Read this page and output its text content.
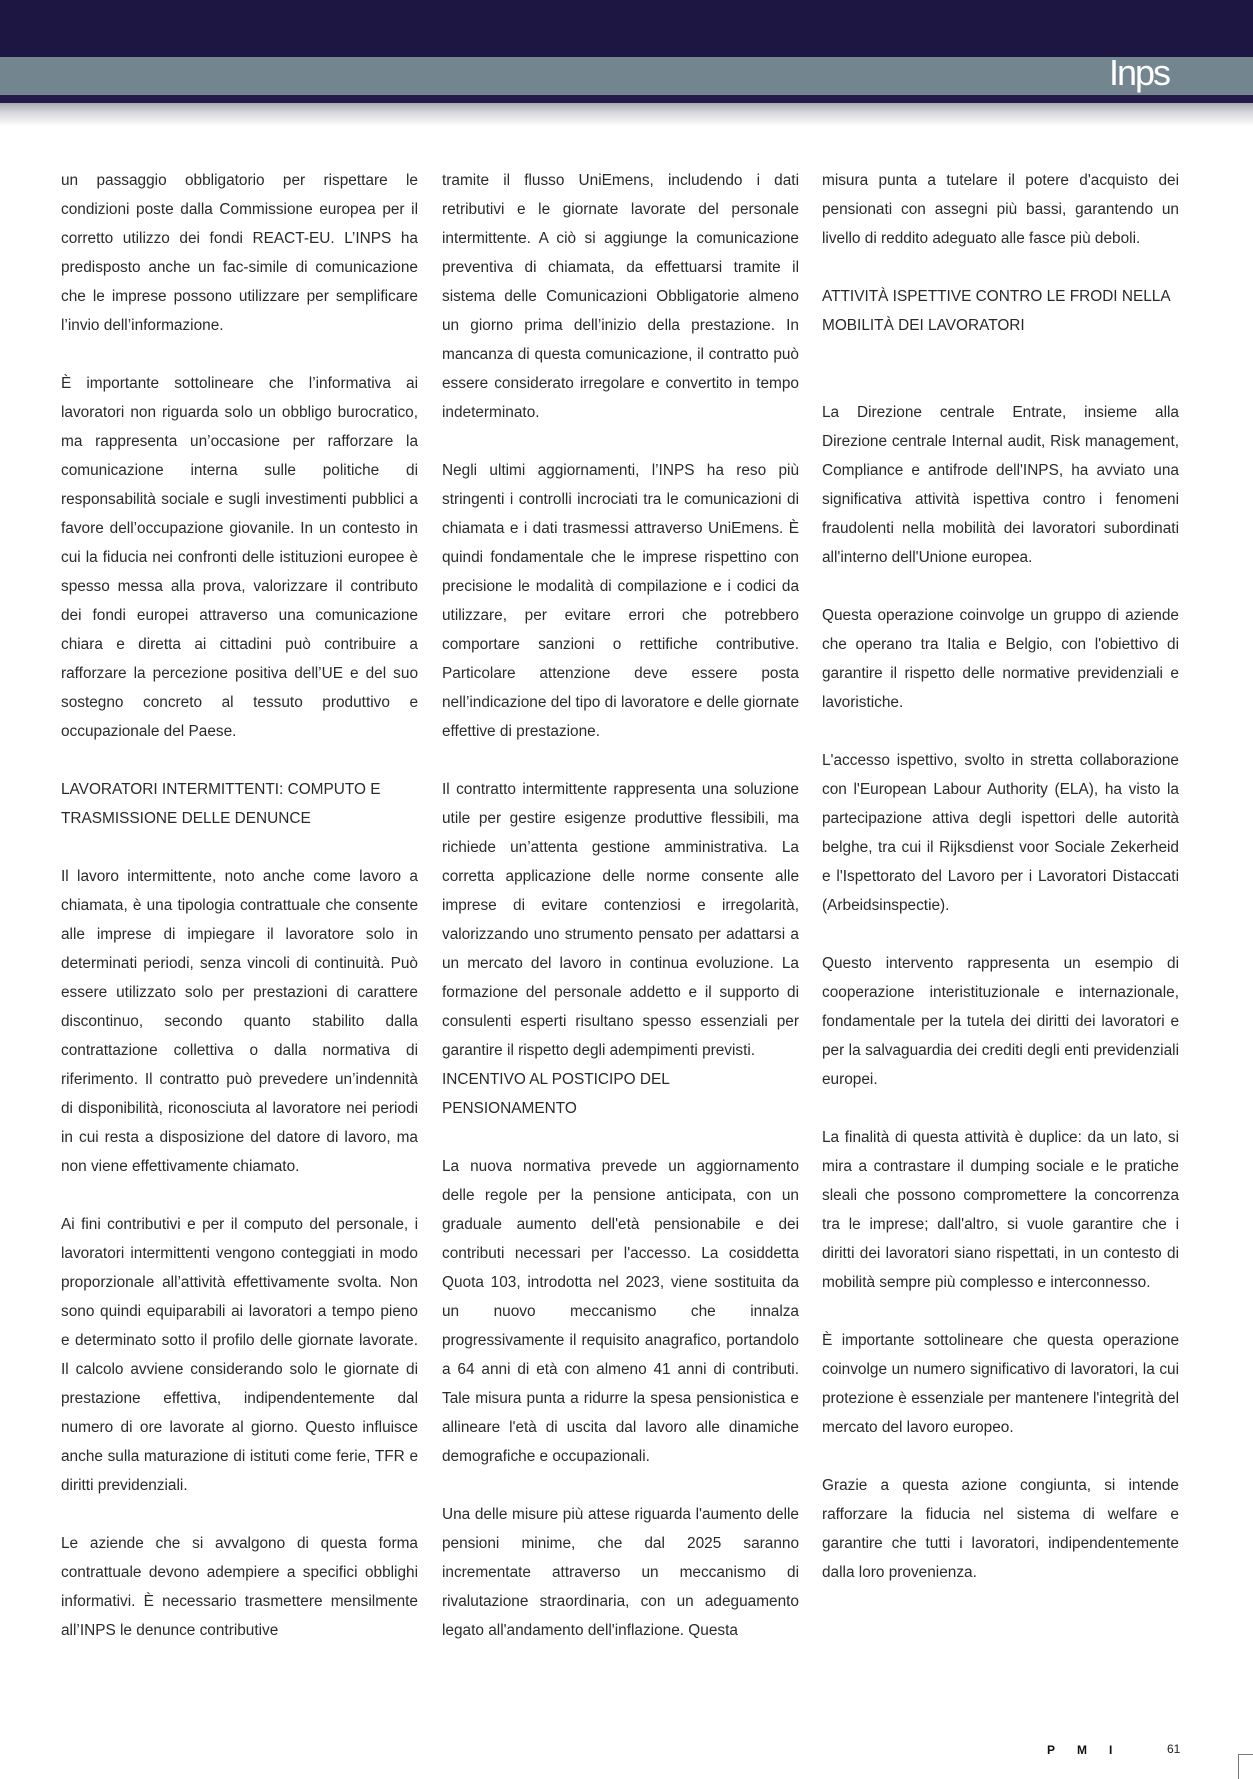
Inps

un passaggio obbligatorio per rispettare le condizioni poste dalla Commissione europea per il corretto utilizzo dei fondi REACT-EU. L’INPS ha predisposto anche un fac-simile di comunicazione che le imprese possono utilizzare per semplificare l’invio dell’informazione.

È importante sottolineare che l’informativa ai lavoratori non riguarda solo un obbligo burocratico, ma rappresenta un’occasione per rafforzare la comunicazione interna sulle politiche di responsabilità sociale e sugli investimenti pubblici a favore dell’occupazione giovanile. In un contesto in cui la fiducia nei confronti delle istituzioni europee è spesso messa alla prova, valorizzare il contributo dei fondi europei attraverso una comunicazione chiara e diretta ai cittadini può contribuire a rafforzare la percezione positiva dell’UE e del suo sostegno concreto al tessuto produttivo e occupazionale del Paese.

LAVORATORI INTERMITTENTI: COMPUTO E TRASMISSIONE DELLE DENUNCE

Il lavoro intermittente, noto anche come lavoro a chiamata, è una tipologia contrattuale che consente alle imprese di impiegare il lavoratore solo in determinati periodi, senza vincoli di continuità. Può essere utilizzato solo per prestazioni di carattere discontinuo, secondo quanto stabilito dalla contrattazione collettiva o dalla normativa di riferimento. Il contratto può prevedere un’indennità di disponibilità, riconosciuta al lavoratore nei periodi in cui resta a disposizione del datore di lavoro, ma non viene effettivamente chiamato.

Ai fini contributivi e per il computo del personale, i lavoratori intermittenti vengono conteggiati in modo proporzionale all’attività effettivamente svolta. Non sono quindi equiparabili ai lavoratori a tempo pieno e determinato sotto il profilo delle giornate lavorate. Il calcolo avviene considerando solo le giornate di prestazione effettiva, indipendentemente dal numero di ore lavorate al giorno. Questo influisce anche sulla maturazione di istituti come ferie, TFR e diritti previdenziali.

Le aziende che si avvalgono di questa forma contrattuale devono adempiere a specifici obblighi informativi. È necessario trasmettere mensilmente all’INPS le denunce contributive

tramite il flusso UniEmens, includendo i dati retributivi e le giornate lavorate del personale intermittente. A ciò si aggiunge la comunicazione preventiva di chiamata, da effettuarsi tramite il sistema delle Comunicazioni Obbligatorie almeno un giorno prima dell’inizio della prestazione. In mancanza di questa comunicazione, il contratto può essere considerato irregolare e convertito in tempo indeterminato.

Negli ultimi aggiornamenti, l’INPS ha reso più stringenti i controlli incrociati tra le comunicazioni di chiamata e i dati trasmessi attraverso UniEmens. È quindi fondamentale che le imprese rispettino con precisione le modalità di compilazione e i codici da utilizzare, per evitare errori che potrebbero comportare sanzioni o rettifiche contributive. Particolare attenzione deve essere posta nell’indicazione del tipo di lavoratore e delle giornate effettive di prestazione.

Il contratto intermittente rappresenta una soluzione utile per gestire esigenze produttive flessibili, ma richiede un’attenta gestione amministrativa. La corretta applicazione delle norme consente alle imprese di evitare contenziosi e irregolarità, valorizzando uno strumento pensato per adattarsi a un mercato del lavoro in continua evoluzione. La formazione del personale addetto e il supporto di consulenti esperti risultano spesso essenziali per garantire il rispetto degli adempimenti previsti.

INCENTIVO AL POSTICIPO DEL PENSIONAMENTO

La nuova normativa prevede un aggiornamento delle regole per la pensione anticipata, con un graduale aumento dell'età pensionabile e dei contributi necessari per l'accesso. La cosiddetta Quota 103, introdotta nel 2023, viene sostituita da un nuovo meccanismo che innalza progressivamente il requisito anagrafico, portandolo a 64 anni di età con almeno 41 anni di contributi. Tale misura punta a ridurre la spesa pensionistica e allineare l'età di uscita dal lavoro alle dinamiche demografiche e occupazionali.

Una delle misure più attese riguarda l'aumento delle pensioni minime, che dal 2025 saranno incrementate attraverso un meccanismo di rivalutazione straordinaria, con un adeguamento legato all'andamento dell'inflazione. Questa

misura punta a tutelare il potere d'acquisto dei pensionati con assegni più bassi, garantendo un livello di reddito adeguato alle fasce più deboli.

ATTIVITÀ ISPETTIVE CONTRO LE FRODI NELLA MOBILITÀ DEI LAVORATORI

La Direzione centrale Entrate, insieme alla Direzione centrale Internal audit, Risk management, Compliance e antifrode dell'INPS, ha avviato una significativa attività ispettiva contro i fenomeni fraudolenti nella mobilità dei lavoratori subordinati all'interno dell'Unione europea.

Questa operazione coinvolge un gruppo di aziende che operano tra Italia e Belgio, con l'obiettivo di garantire il rispetto delle normative previdenziali e lavoristiche.

L'accesso ispettivo, svolto in stretta collaborazione con l'European Labour Authority (ELA), ha visto la partecipazione attiva degli ispettori delle autorità belghe, tra cui il Rijksdienst voor Sociale Zekerheid e l'Ispettorato del Lavoro per i Lavoratori Distaccati (Arbeidsinspectie).

Questo intervento rappresenta un esempio di cooperazione interistituzionale e internazionale, fondamentale per la tutela dei diritti dei lavoratori e per la salvaguardia dei crediti degli enti previdenziali europei.

La finalità di questa attività è duplice: da un lato, si mira a contrastare il dumping sociale e le pratiche sleali che possono compromettere la concorrenza tra le imprese; dall'altro, si vuole garantire che i diritti dei lavoratori siano rispettati, in un contesto di mobilità sempre più complesso e interconnesso.

È importante sottolineare che questa operazione coinvolge un numero significativo di lavoratori, la cui protezione è essenziale per mantenere l'integrità del mercato del lavoro europeo.

Grazie a questa azione congiunta, si intende rafforzare la fiducia nel sistema di welfare e garantire che tutti i lavoratori, indipendentemente dalla loro provenienza.

PMI	61
